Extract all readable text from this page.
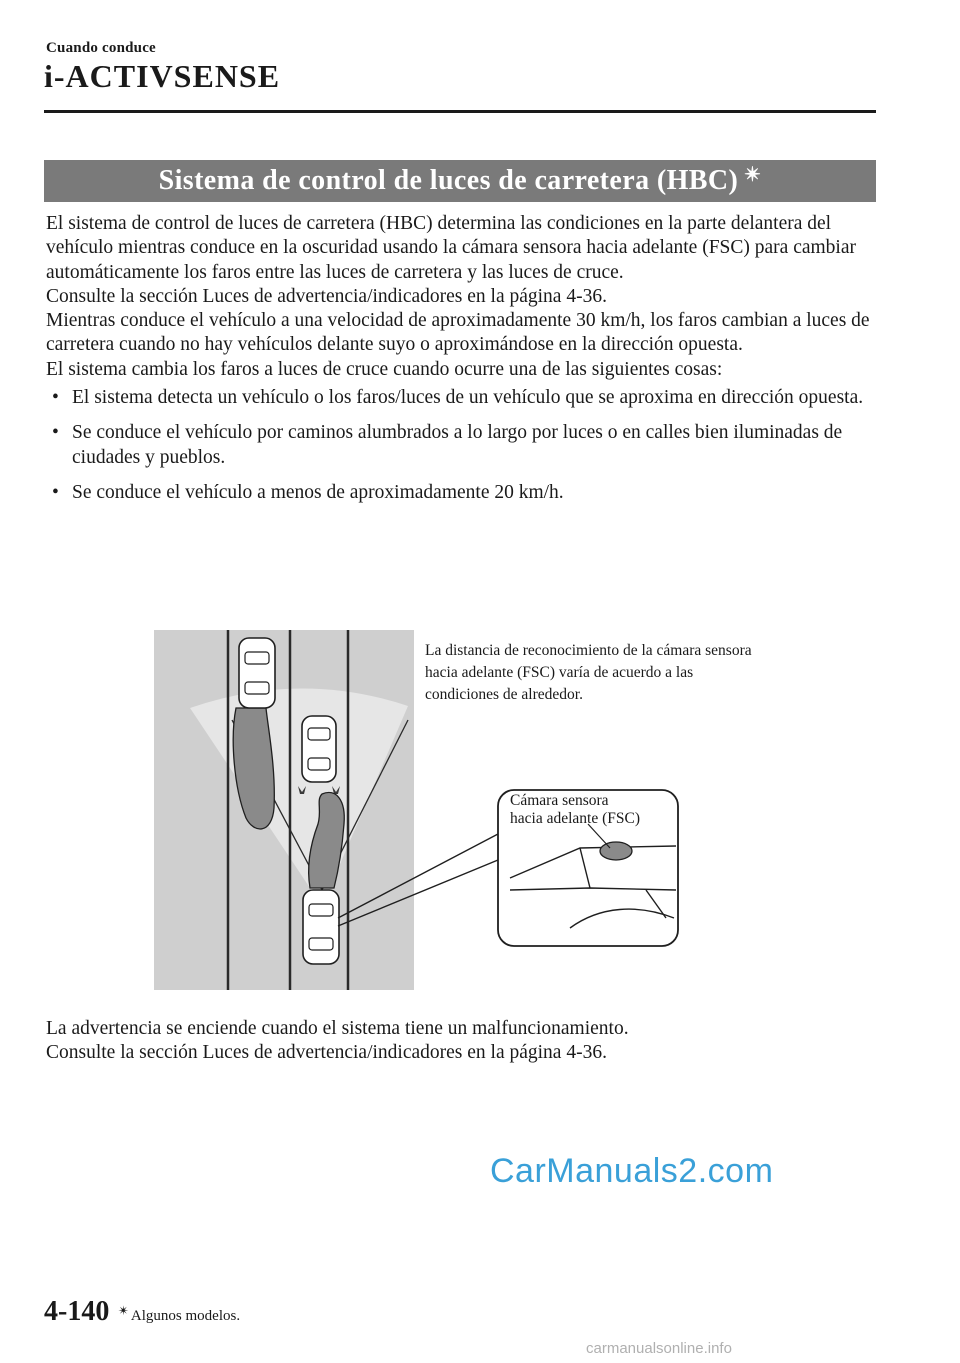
Cuando conduce
i-ACTIVSENSE
Sistema de control de luces de carretera (HBC) ✴

El sistema de control de luces de carretera (HBC) determina las condiciones en la parte delantera del vehículo mientras conduce en la oscuridad usando la cámara sensora hacia adelante (FSC) para cambiar automáticamente los faros entre las luces de carretera y las luces de cruce.

Consulte la sección Luces de advertencia/indicadores en la página 4-36.

Mientras conduce el vehículo a una velocidad de aproximadamente 30 km/h, los faros cambian a luces de carretera cuando no hay vehículos delante suyo o aproximándose en la dirección opuesta.

El sistema cambia los faros a luces de cruce cuando ocurre una de las siguientes cosas:

• El sistema detecta un vehículo o los faros/luces de un vehículo que se aproxima en dirección opuesta.
• Se conduce el vehículo por caminos alumbrados a lo largo por luces o en calles bien iluminadas de ciudades y pueblos.
• Se conduce el vehículo a menos de aproximadamente 20 km/h.
La distancia de reconocimiento de la cámara sensora hacia adelante (FSC) varía de acuerdo a las condiciones de alrededor.
Cámara sensora
hacia adelante (FSC)

La advertencia se enciende cuando el sistema tiene un malfuncionamiento.

Consulte la sección Luces de advertencia/indicadores en la página 4-36.

CarManuals2.com
4-140 ✴ Algunos modelos.
carmanualsonline.info
